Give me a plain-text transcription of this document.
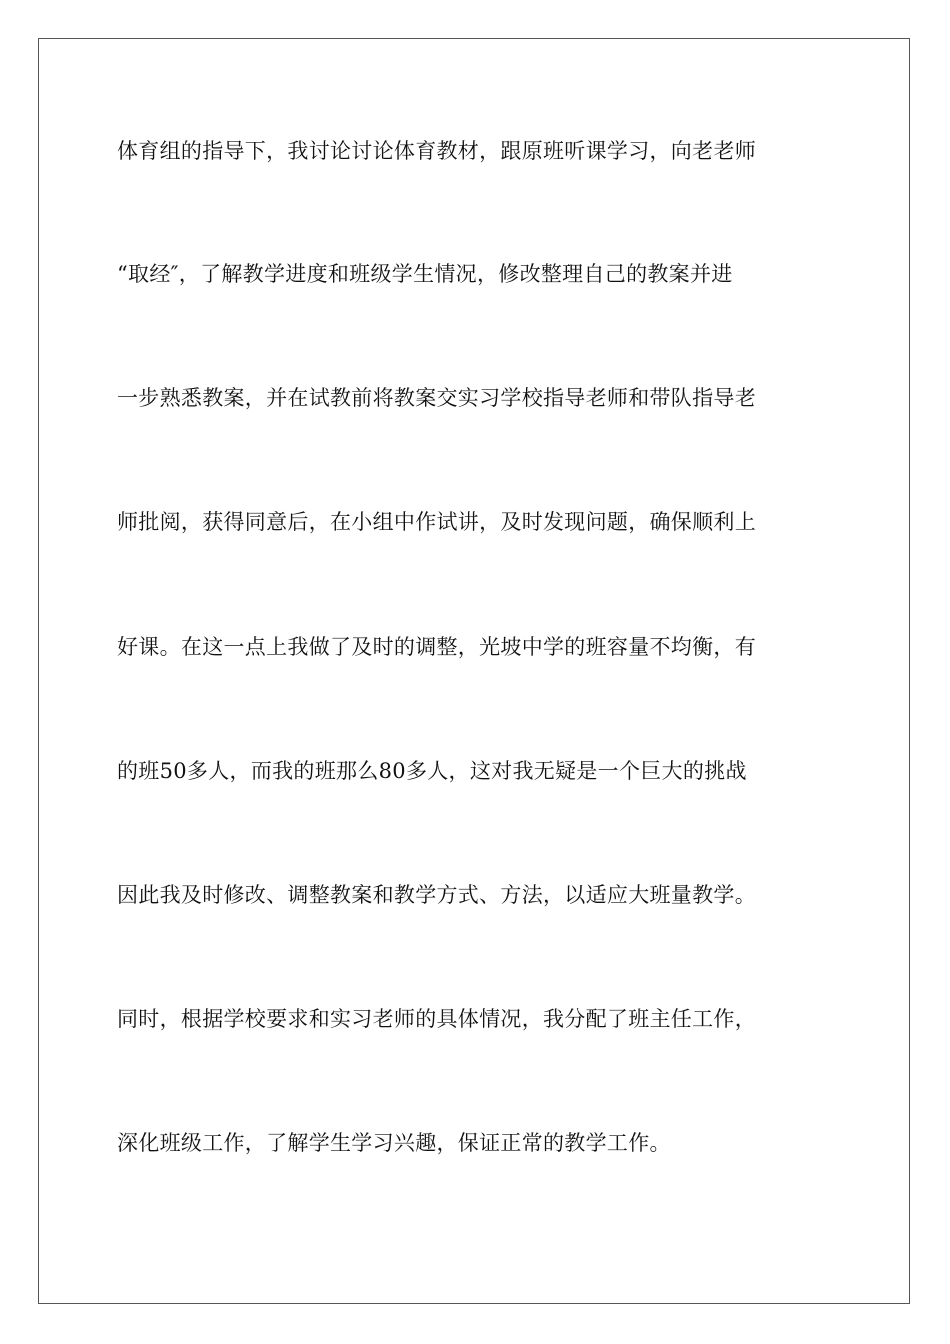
体育组的指导下，我讨论讨论体育教材，跟原班听课学习，向老老师
“取经″，了解教学进度和班级学生情况，修改整理自己的教案并进
一步熟悉教案，并在试教前将教案交实习学校指导老师和带队指导老
师批阅，获得同意后，在小组中作试讲，及时发现问题，确保顺利上
好课。在这一点上我做了及时的调整，光坡中学的班容量不均衡，有
的班50多人，而我的班那么80多人，这对我无疑是一个巨大的挑战
因此我及时修改、调整教案和教学方式、方法，以适应大班量教学。
同时，根据学校要求和实习老师的具体情况，我分配了班主任工作，
深化班级工作，了解学生学习兴趣，保证正常的教学工作。
